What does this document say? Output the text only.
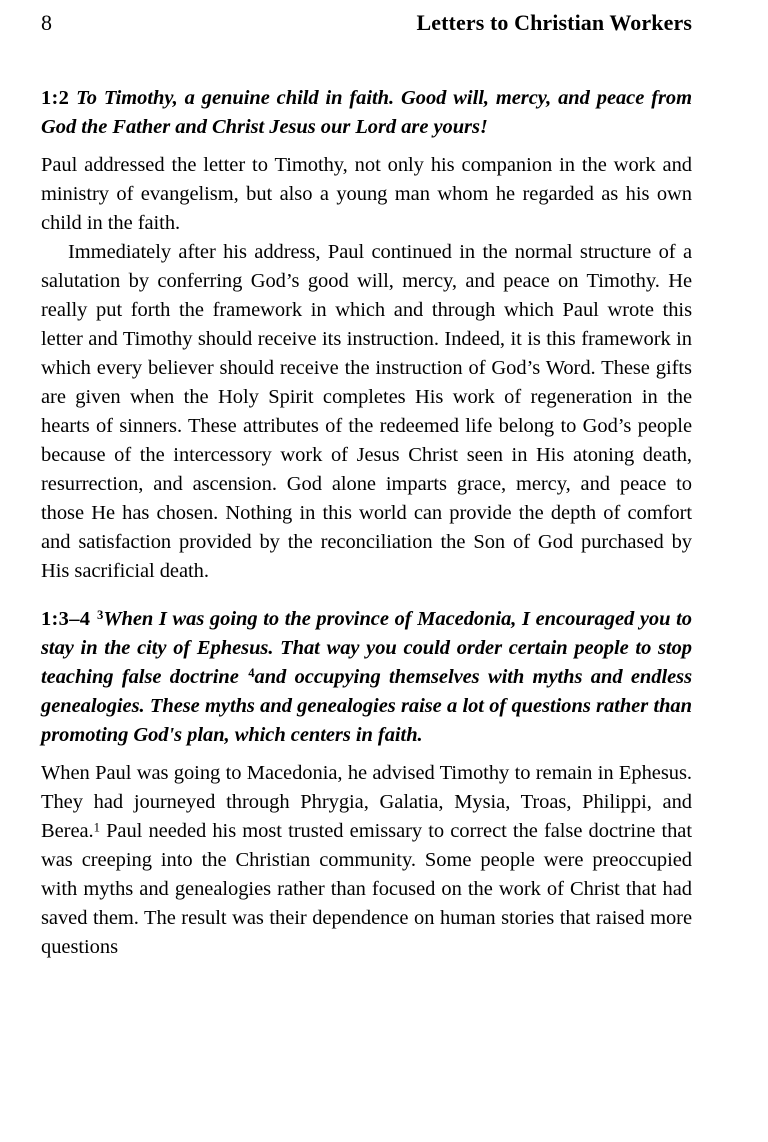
8	Letters to Christian Workers

1:2 To Timothy, a genuine child in faith. Good will, mercy, and peace from God the Father and Christ Jesus our Lord are yours!

Paul addressed the letter to Timothy, not only his companion in the work and ministry of evangelism, but also a young man whom he regarded as his own child in the faith.

Immediately after his address, Paul continued in the normal structure of a salutation by conferring God’s good will, mercy, and peace on Timothy. He really put forth the framework in which and through which Paul wrote this letter and Timothy should receive its instruction. Indeed, it is this framework in which every believer should receive the instruction of God’s Word. These gifts are given when the Holy Spirit completes His work of regeneration in the hearts of sinners. These attributes of the redeemed life belong to God’s people because of the intercessory work of Jesus Christ seen in His atoning death, resurrection, and ascension. God alone imparts grace, mercy, and peace to those He has chosen. Nothing in this world can provide the depth of comfort and satisfaction provided by the reconciliation the Son of God purchased by His sacrificial death.

1:3–4 $^3$When I was going to the province of Macedonia, I encouraged you to stay in the city of Ephesus. That way you could order certain people to stop teaching false doctrine $^4$and occupying themselves with myths and endless genealogies. These myths and genealogies raise a lot of questions rather than promoting God's plan, which centers in faith.

When Paul was going to Macedonia, he advised Timothy to remain in Ephesus. They had journeyed through Phrygia, Galatia, Mysia, Troas, Philippi, and Berea.$^1$ Paul needed his most trusted emissary to correct the false doctrine that was creeping into the Christian community. Some people were preoccupied with myths and genealogies rather than focused on the work of Christ that had saved them. The result was their dependence on human stories that raised more questions
